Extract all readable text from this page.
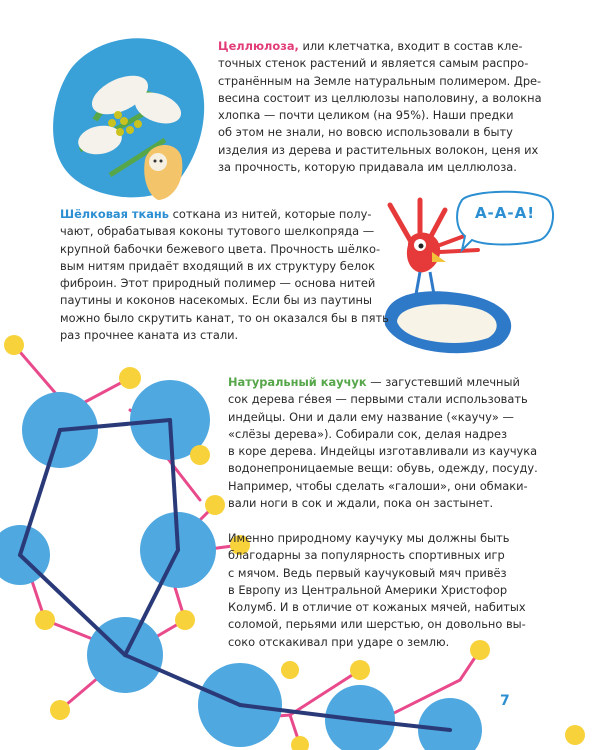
Целлюлоза, или клетчатка, входит в состав кле-
точных стенок растений и является самым распро-
странённым на Земле натуральным полимером. Дре-
весина состоит из целлюлозы наполовину, а волокна
хлопка — почти целиком (на 95%). Наши предки
об этом не знали, но вовсю использовали в быту
изделия из дерева и растительных волокон, ценя их
за прочность, которую придавала им целлюлоза.

Шёлковая ткань соткана из нитей, которые полу-
чают, обрабатывая коконы тутового шелкопряда —
крупной бабочки бежевого цвета. Прочность шёлко-
вым нитям придаёт входящий в их структуру белок
фиброин. Этот природный полимер — основа нитей
паутины и коконов насекомых. Если бы из паутины
можно было скрутить канат, то он оказался бы в пять
раз прочнее каната из стали.

Натуральный каучук — загустевший млечный
сок дерева ге́вея — первыми стали использовать
индейцы. Они и дали ему название («каучу» —
«слёзы дерева»). Собирали сок, делая надрез
в коре дерева. Индейцы изготавливали из каучука
водонепроницаемые вещи: обувь, одежду, посуду.
Например, чтобы сделать «галоши», они обмаки-
вали ноги в сок и ждали, пока он застынет.

Именно природному каучуку мы должны быть
благодарны за популярность спортивных игр
с мячом. Ведь первый каучуковый мяч привёз
в Европу из Центральной Америки Христофор
Колумб. И в отличие от кожаных мячей, набитых
соломой, перьями или шерстью, он довольно вы-
соко отскакивал при ударе о землю.

А-А-А!
7
